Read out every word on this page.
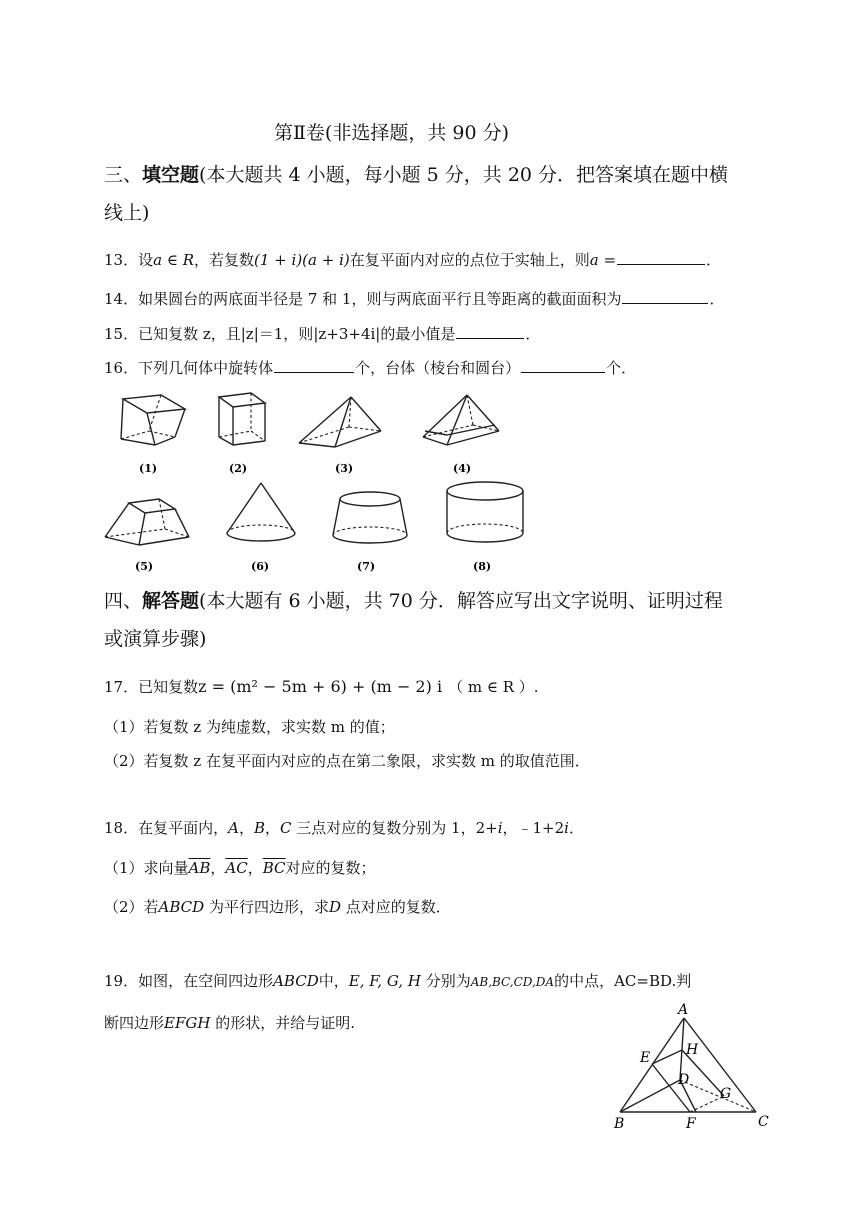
第Ⅱ卷(非选择题，共 90 分)
三、填空题(本大题共 4 小题，每小题 5 分，共 20 分．把答案填在题中横
线上)
13．设a ∈ R，若复数(1 + i)(a + i)在复平面内对应的点位于实轴上，则a =	．
14．如果圆台的两底面半径是 7 和 1，则与两底面平行且等距离的截面面积为	．
15．已知复数 z，且|z|＝1，则|z+3+4i|的最小值是	．
16．下列几何体中旋转体	个，台体（棱台和圆台）	个．
(1)	(2)	(3)	(4)
(5)	(6)	(7)	(8)
四、解答题(本大题有 6 小题，共 70 分．解答应写出文字说明、证明过程
或演算步骤)
17．已知复数z = (m² − 5m + 6) + (m − 2) i （ m ∈ R ）.
（1）若复数 z 为纯虚数，求实数 m 的值；
（2）若复数 z 在复平面内对应的点在第二象限，求实数 m 的取值范围．
18．在复平面内，A，B，C 三点对应的复数分别为 1，2+i，﹣1+2i．
（1）求向量$\overline{AB}$，$\overline{AC}$，$\overline{BC}$对应的复数；
（2）若ABCD 为平行四边形，求D 点对应的复数．
19．如图，在空间四边形ABCD中，E, F, G, H 分别为AB,BC,CD,DA的中点，AC=BD.判
断四边形EFGH 的形状，并给与证明.
A
B	C
D
E
F
G
H
